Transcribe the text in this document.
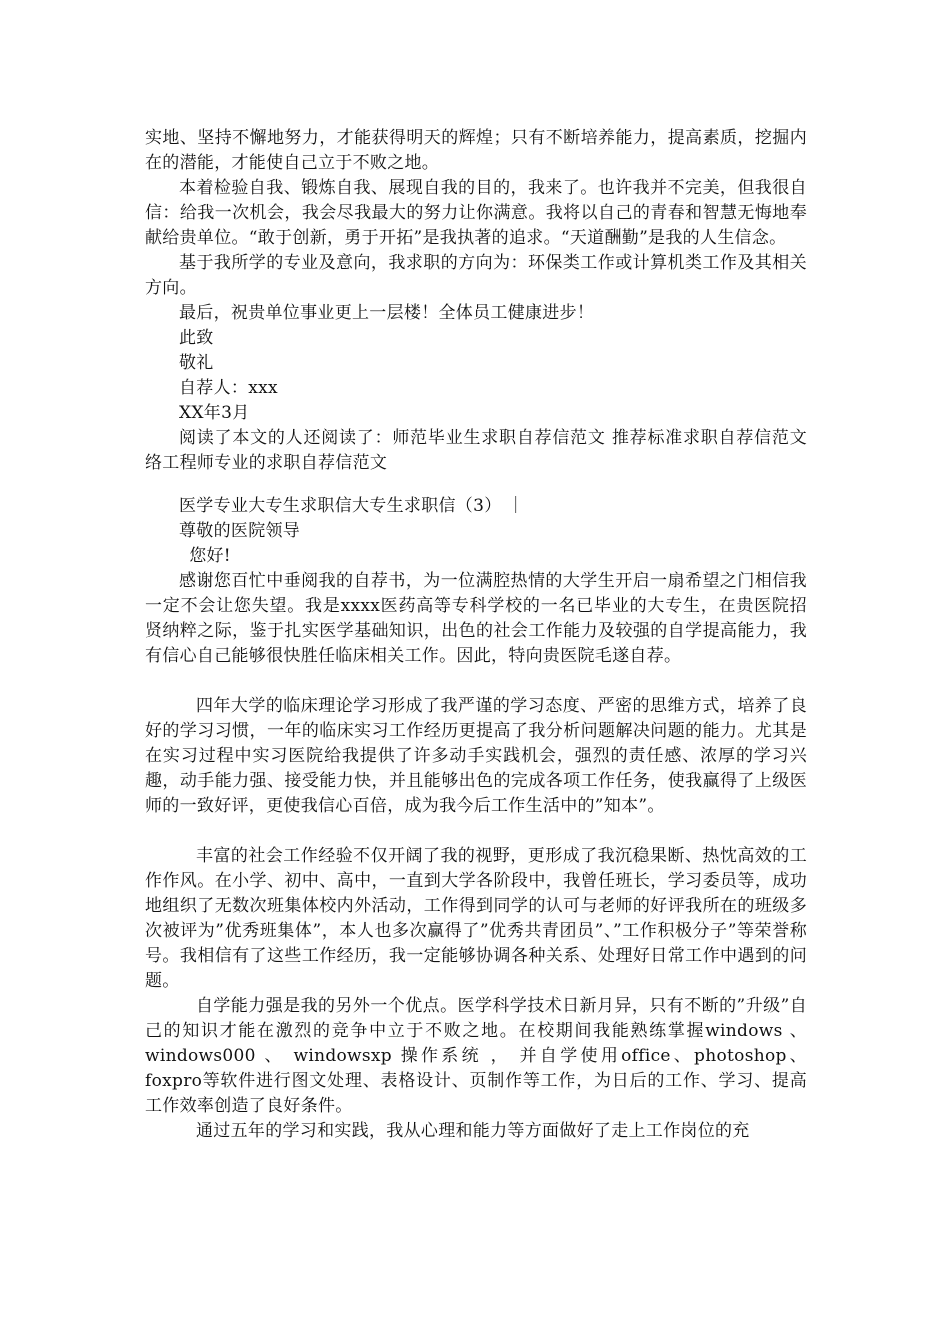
实地、坚持不懈地努力，才能获得明天的辉煌；只有不断培养能力，提高素质，挖掘内在的潜能，才能使自己立于不败之地。

本着检验自我、锻炼自我、展现自我的目的，我来了。也许我并不完美，但我很自信：给我一次机会，我会尽我最大的努力让你满意。我将以自己的青春和智慧无悔地奉献给贵单位。“敢于创新，勇于开拓”是我执著的追求。“天道酬勤”是我的人生信念。

基于我所学的专业及意向，我求职的方向为：环保类工作或计算机类工作及其相关方向。

最后，祝贵单位事业更上一层楼！全体员工健康进步！

此致

敬礼

自荐人：xxx

XX年3月

阅读了本文的人还阅读了：师范毕业生求职自荐信范文 推荐标准求职自荐信范文　络工程师专业的求职自荐信范文

医学专业大专生求职信大专生求职信（3） ｜

尊敬的医院领导

您好!

感谢您百忙中垂阅我的自荐书，为一位满腔热情的大学生开启一扇希望之门相信我一定不会让您失望。我是xxxx医药高等专科学校的一名已毕业的大专生，在贵医院招贤纳粹之际，鉴于扎实医学基础知识，出色的社会工作能力及较强的自学提高能力，我有信心自己能够很快胜任临床相关工作。因此，特向贵医院毛遂自荐。

四年大学的临床理论学习形成了我严谨的学习态度、严密的思维方式，培养了良好的学习习惯，一年的临床实习工作经历更提高了我分析问题解决问题的能力。尤其是在实习过程中实习医院给我提供了许多动手实践机会，强烈的责任感、浓厚的学习兴趣，动手能力强、接受能力快，并且能够出色的完成各项工作任务，使我赢得了上级医师的一致好评，更使我信心百倍，成为我今后工作生活中的”知本”。

丰富的社会工作经验不仅开阔了我的视野，更形成了我沉稳果断、热忱高效的工作作风。在小学、初中、高中，一直到大学各阶段中，我曾任班长，学习委员等，成功地组织了无数次班集体校内外活动，工作得到同学的认可与老师的好评我所在的班级多次被评为”优秀班集体”，本人也多次赢得了”优秀共青团员”、”工作积极分子”等荣誉称号。我相信有了这些工作经历，我一定能够协调各种关系、处理好日常工作中遇到的问题。

自学能力强是我的另外一个优点。医学科学技术日新月异，只有不断的”升级”自己的知识才能在激烈的竞争中立于不败之地。在校期间我能熟练掌握windows 、 windows000 、 windowsxp 操作系统 ， 并自学使用office、photoshop、foxpro等软件进行图文处理、表格设计、页制作等工作，为日后的工作、学习、提高工作效率创造了良好条件。

通过五年的学习和实践，我从心理和能力等方面做好了走上工作岗位的充
